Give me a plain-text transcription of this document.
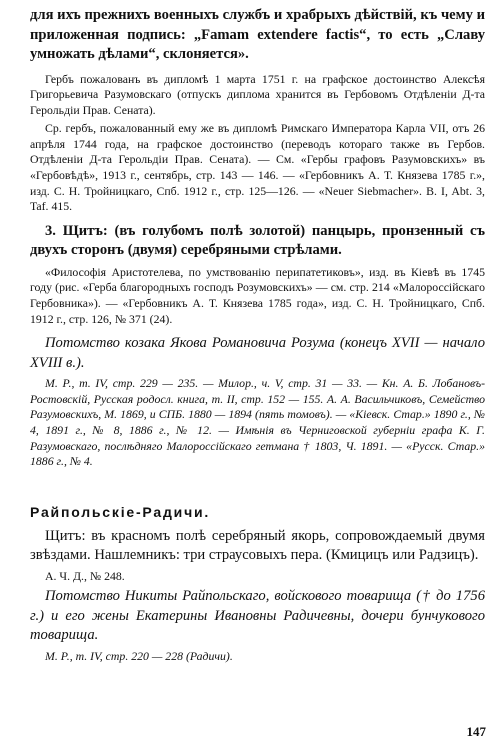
для ихъ прежнихъ военныхъ службъ и храбрыхъ дѣйствій, къ чему и приложенная подпись: „Famam extendere factis“, то есть „Славу умножать дѣлами“, склоняется».

Гербъ пожалованъ въ дипломѣ 1 марта 1751 г. на графское достоинство Алексѣя Григорьевича Разумовскаго (отпускъ диплома хранится въ Гербовомъ Отдѣленіи Д-та Герольдіи Прав. Сената).

Ср. гербъ, пожалованный ему же въ дипломѣ Римскаго Императора Карла VII, отъ 26 апрѣля 1744 года, на графское достоинство (переводъ котораго также въ Гербов. Отдѣленіи Д-та Герольдіи Прав. Сената). — См. «Гербы графовъ Разумовскихъ» въ «Гербовѣдѣ», 1913 г., сентябрь, стр. 143 — 146. — «Гербовникъ А. Т. Князева 1785 г.», изд. С. Н. Тройницкаго, Спб. 1912 г., стр. 125—126. — «Neuer Siebmacher». B. I, Abt. 3, Taf. 415.

3. Щитъ: (въ голубомъ полѣ золотой) панцырь, пронзенный съ двухъ сторонъ (двумя) серебряными стрѣлами.

«Философія Аристотелева, по умствованію перипатетиковъ», изд. въ Кіевѣ въ 1745 году (рис. «Герба благородныхъ господъ Розумовскихъ» — см. стр. 214 «Малороссійскаго Гербовника»). — «Гербовникъ А. Т. Князева 1785 года», изд. С. Н. Тройницкаго, Спб. 1912 г., стр. 126, № 371 (24).

Потомство козака Якова Романовича Розума (конецъ XVII — начало XVIII в.).

М. Р., т. IV, стр. 229 — 235. — Милор., ч. V, стр. 31 — 33. — Кн. А. Б. Лобановъ-Ростовскій, Русская родосл. книга, т. II, стр. 152 — 155. А. А. Васильчиковъ, Семейство Разумовскихъ, М. 1869, и СПБ. 1880 — 1894 (пять томовъ). — «Кіевск. Стар.» 1890 г., № 4, 1891 г., № 8, 1886 г., № 12. — Имѣнія въ Черниговской губерніи графа К. Г. Разумовскаго, послѣдняго Малороссійскаго гетмана † 1803, Ч. 1891. — «Русск. Стар.» 1886 г., № 4.

Райпольскіе-Радичи.

Щитъ: въ красномъ полѣ серебряный якорь, сопровождаемый двумя звѣздами. Нашлемникъ: три страусовыхъ пера. (Кмицицъ или Радзицъ).

А. Ч. Д., № 248.

Потомство Никиты Райпольскаго, войскового товарища († до 1756 г.) и его жены Екатерины Ивановны Радичевны, дочери бунчукового товарища.

М. Р., т. IV, стр. 220 — 228 (Радичи).

147
